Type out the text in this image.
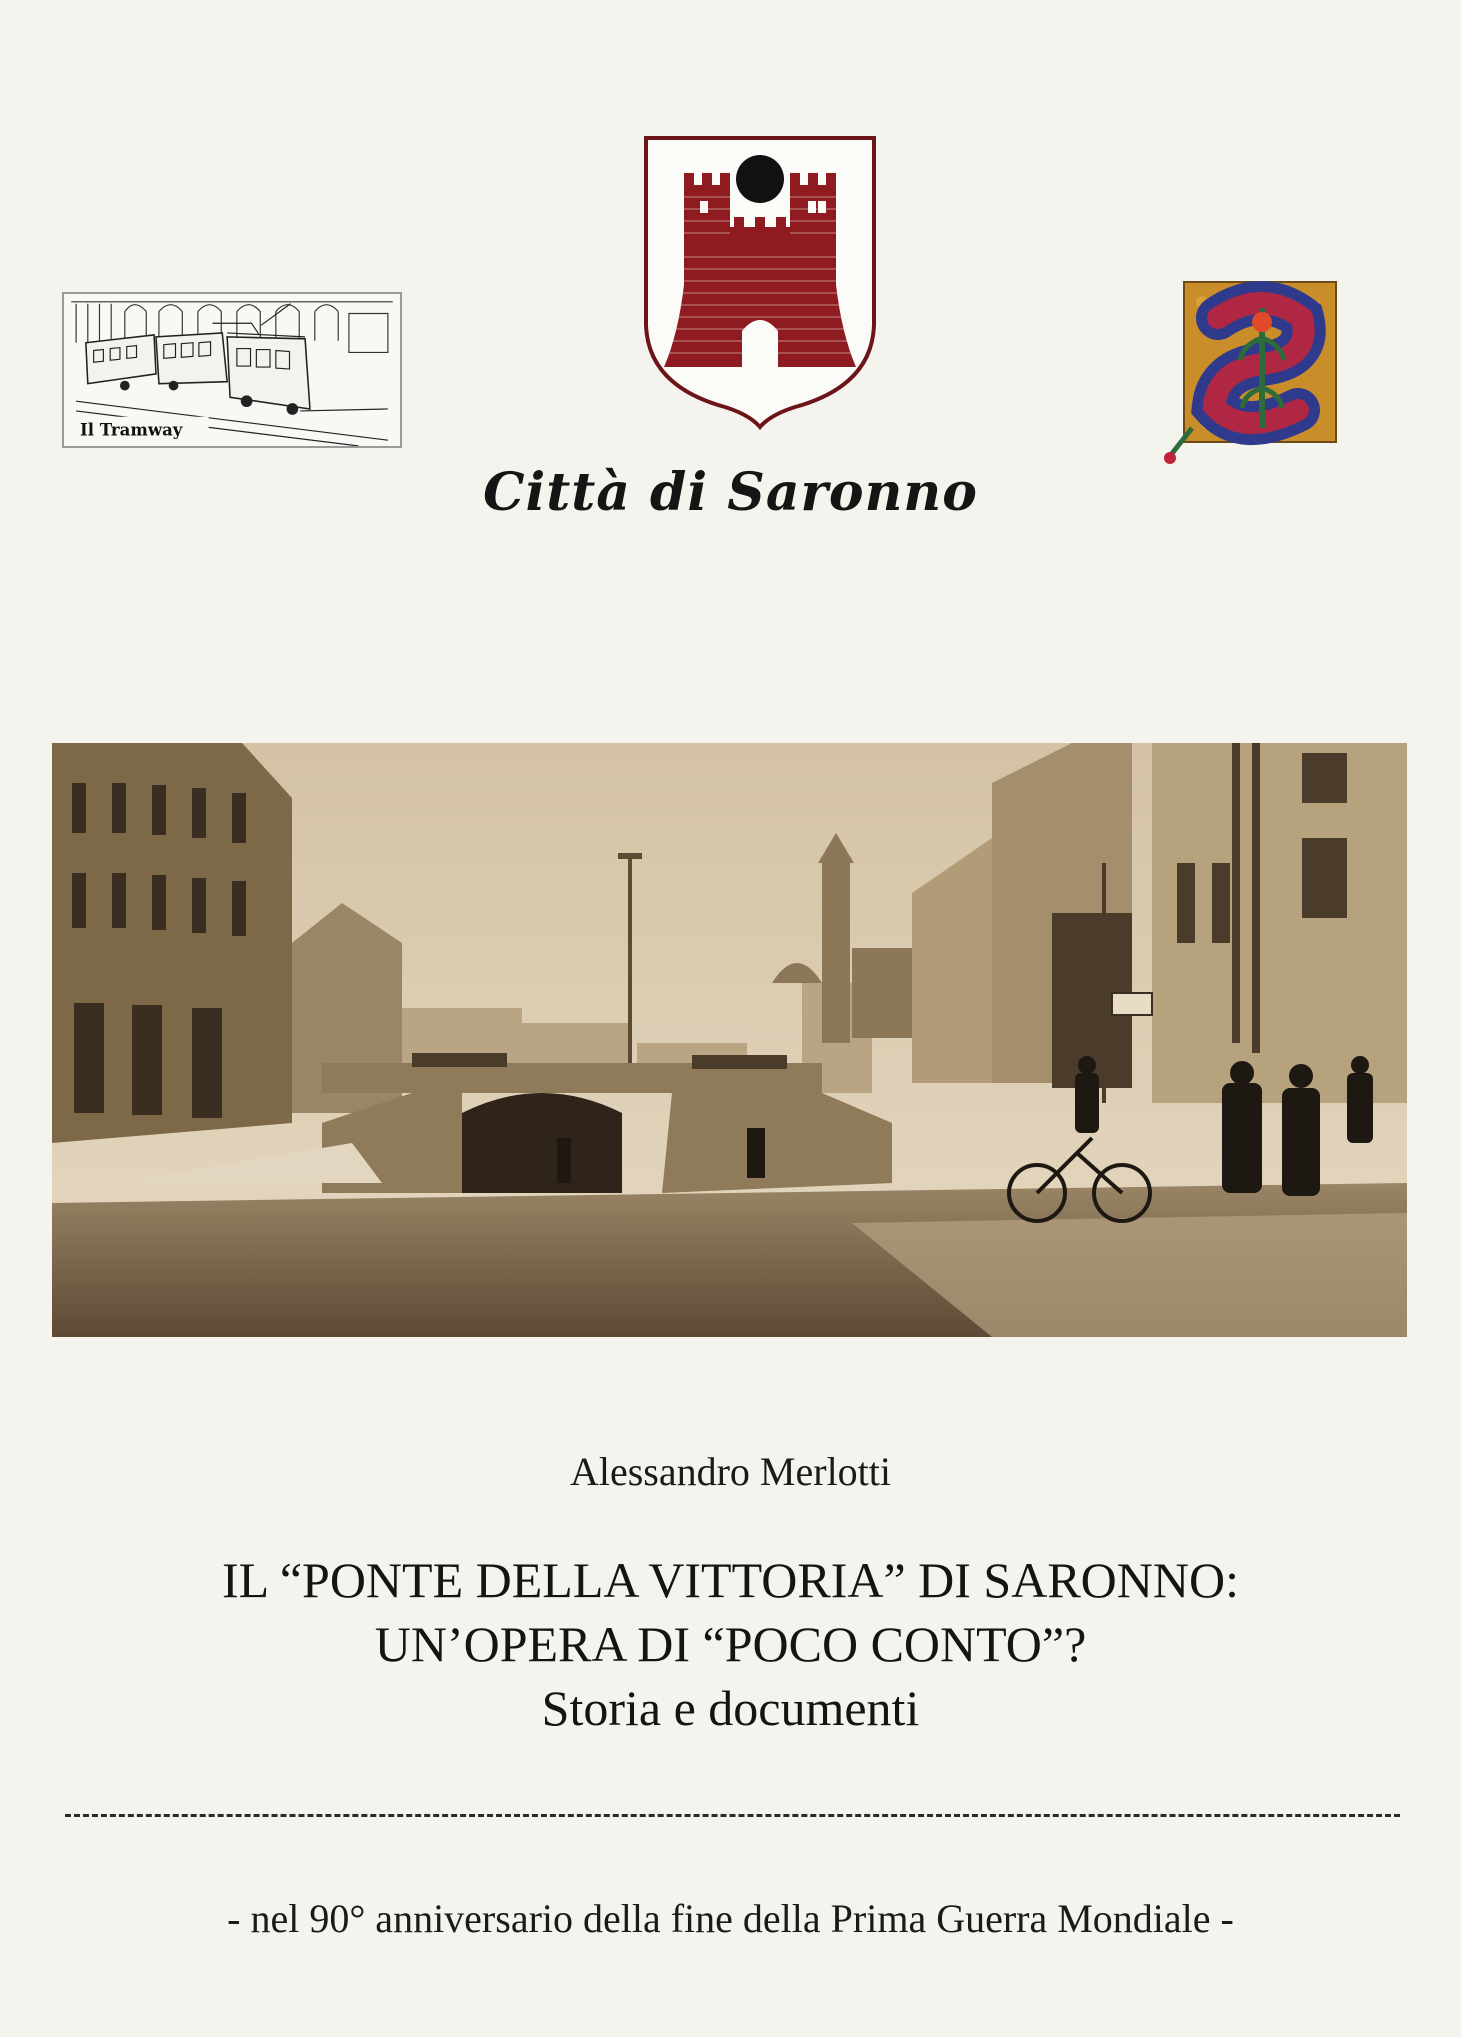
Il Tramway
S
Città di Saronno
Alessandro Merlotti
IL “PONTE DELLA VITTORIA” DI SARONNO:
UN’OPERA DI “POCO CONTO”?
Storia e documenti
- nel 90° anniversario della fine della Prima Guerra Mondiale -
